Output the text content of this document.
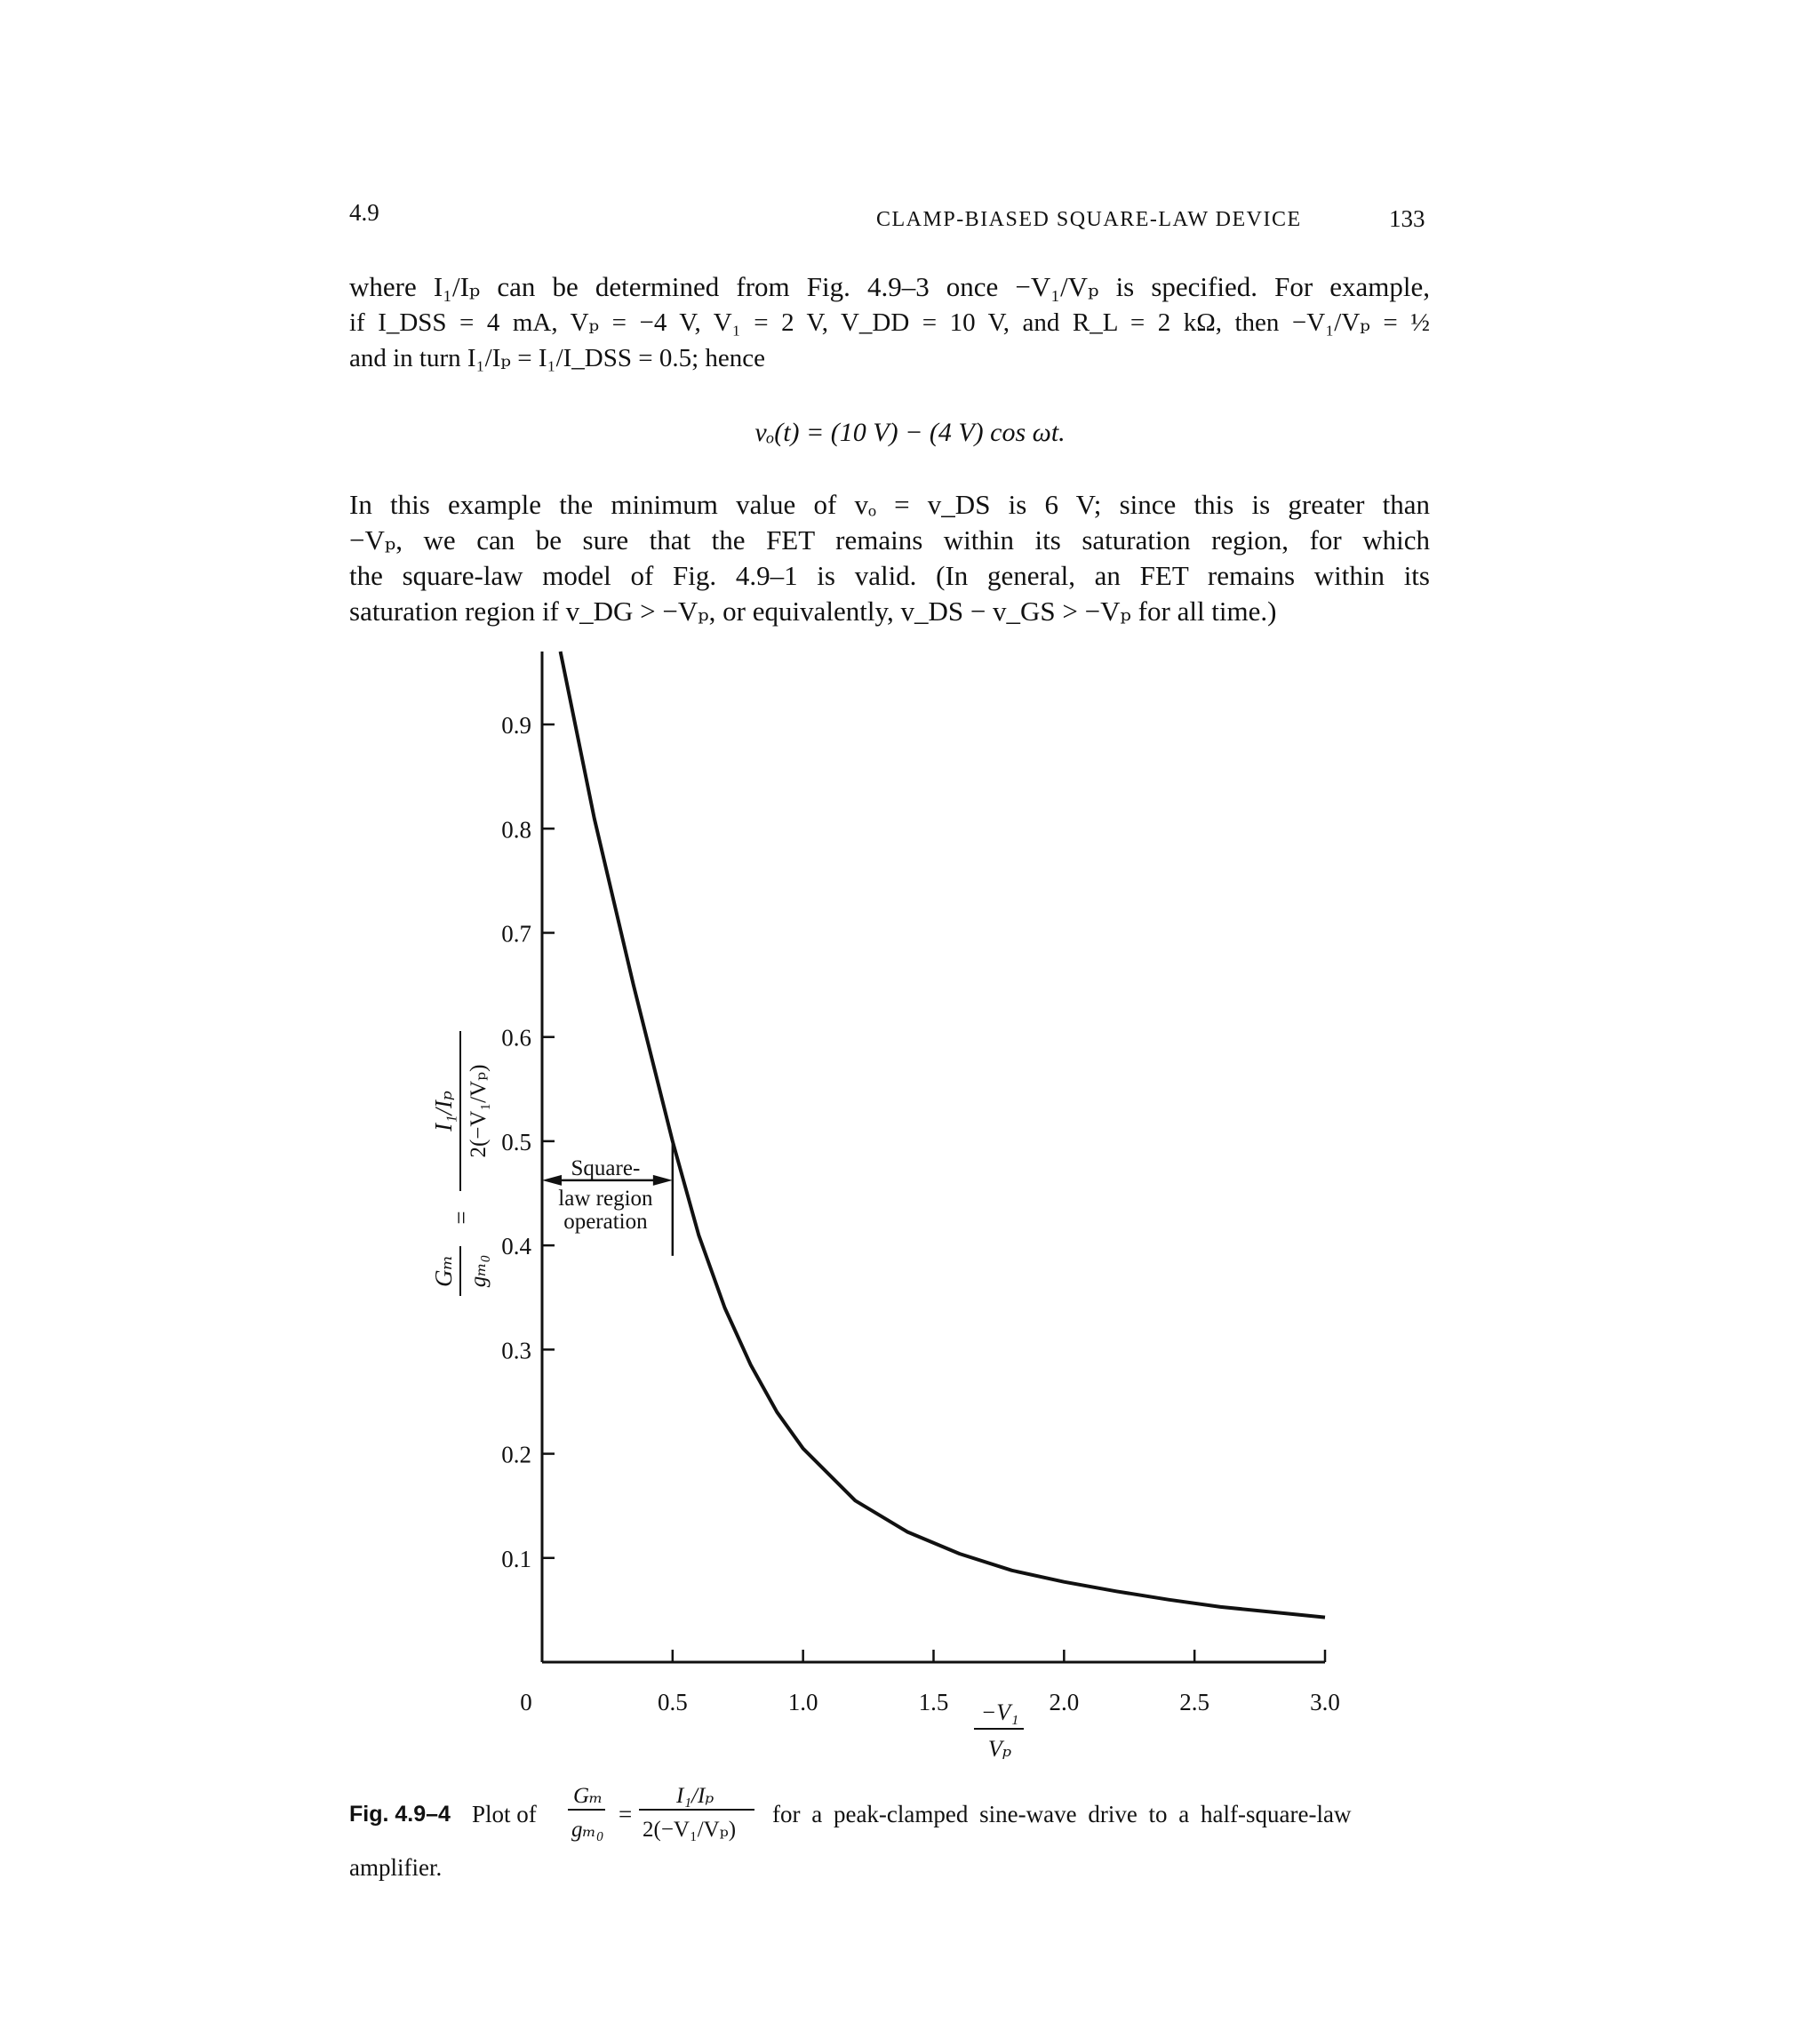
4.9	CLAMP-BIASED SQUARE-LAW DEVICE	133
where I₁/Iₚ can be determined from Fig. 4.9–3 once −V₁/Vₚ is specified. For example,
if I_DSS = 4 mA, Vₚ = −4 V, V₁ = 2 V, V_DD = 10 V, and R_L = 2 kΩ, then −V₁/Vₚ = ½
and in turn I₁/Iₚ = I₁/I_DSS = 0.5; hence
vₒ(t) = (10 V) − (4 V) cos ωt.
In this example the minimum value of vₒ = v_DS is 6 V; since this is greater than
−Vₚ, we can be sure that the FET remains within its saturation region, for which
the square-law model of Fig. 4.9–1 is valid. (In general, an FET remains within its
saturation region if v_DG > −Vₚ, or equivalently, v_DS − v_GS > −Vₚ for all time.)
0.1
0.2
0.3
0.4
0.5
0.6
0.7
0.8
0.9
0	0.5	1.0	1.5	2.0	2.5	3.0
Square-
law region
operation
Gₘ gₘ₀
=
I₁/Iₚ 2(−V₁/Vₚ)
−V₁
Vₚ
Fig. 4.9–4 Plot of
Gₘ
gₘ₀
=
I₁/Iₚ
2(−V₁/Vₚ)
for a peak-clamped sine-wave drive to a half-square-law
amplifier.
